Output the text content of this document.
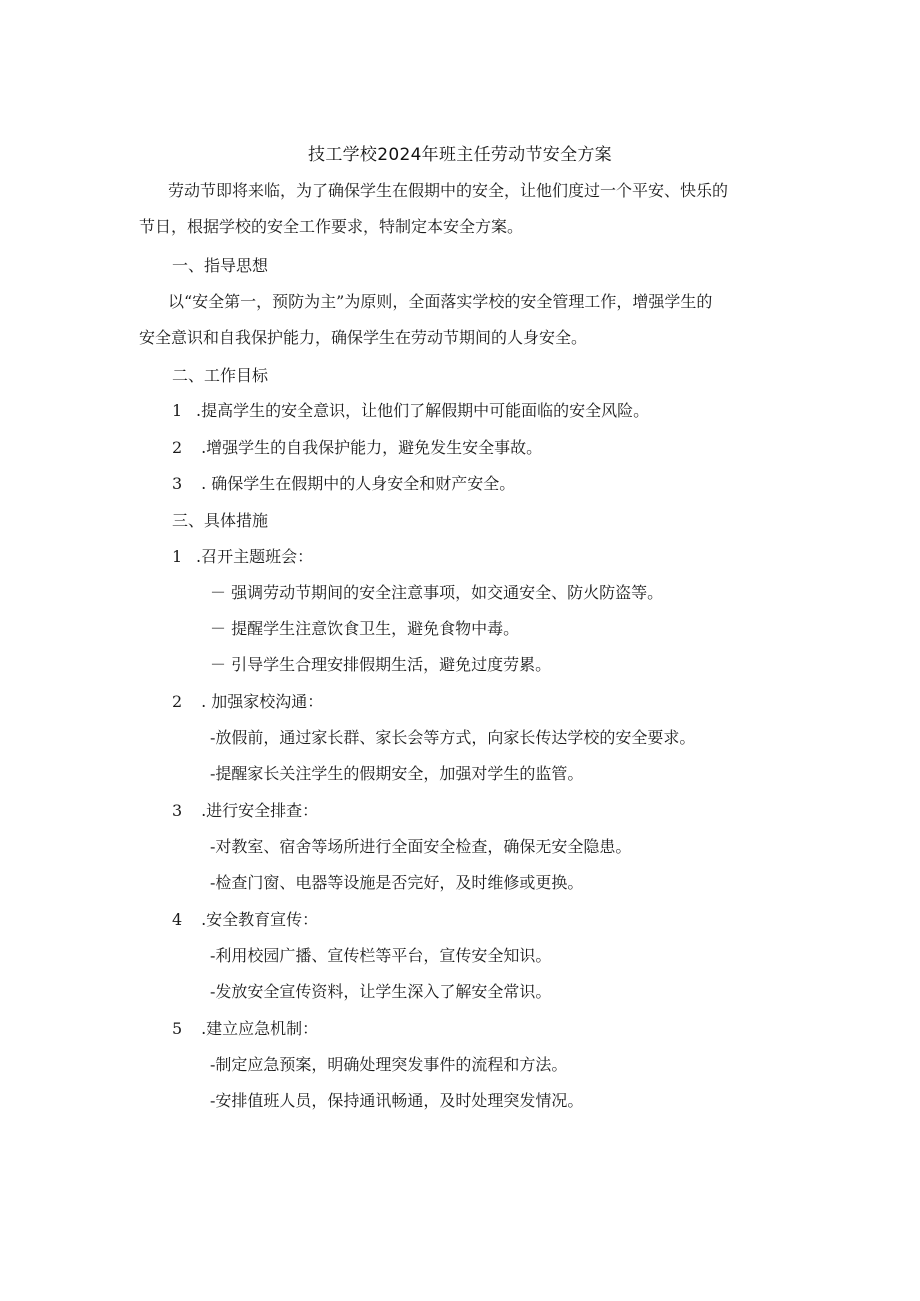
技工学校2024年班主任劳动节安全方案
劳动节即将来临，为了确保学生在假期中的安全，让他们度过一个平安、快乐的
节日，根据学校的安全工作要求，特制定本安全方案。
一、指导思想
以“安全第一，预防为主”为原则，全面落实学校的安全管理工作，增强学生的
安全意识和自我保护能力，确保学生在劳动节期间的人身安全。
二、工作目标
1 .提高学生的安全意识，让他们了解假期中可能面临的安全风险。
2 .增强学生的自我保护能力，避免发生安全事故。
3 . 确保学生在假期中的人身安全和财产安全。
三、具体措施
1 .召开主题班会：
－ 强调劳动节期间的安全注意事项，如交通安全、防火防盗等。
－ 提醒学生注意饮食卫生，避免食物中毒。
－ 引导学生合理安排假期生活，避免过度劳累。
2 . 加强家校沟通：
-放假前，通过家长群、家长会等方式，向家长传达学校的安全要求。
-提醒家长关注学生的假期安全，加强对学生的监管。
3 .进行安全排查：
-对教室、宿舍等场所进行全面安全检查，确保无安全隐患。
-检查门窗、电器等设施是否完好，及时维修或更换。
4 .安全教育宣传：
-利用校园广播、宣传栏等平台，宣传安全知识。
-发放安全宣传资料，让学生深入了解安全常识。
5 .建立应急机制：
-制定应急预案，明确处理突发事件的流程和方法。
-安排值班人员，保持通讯畅通，及时处理突发情况。
